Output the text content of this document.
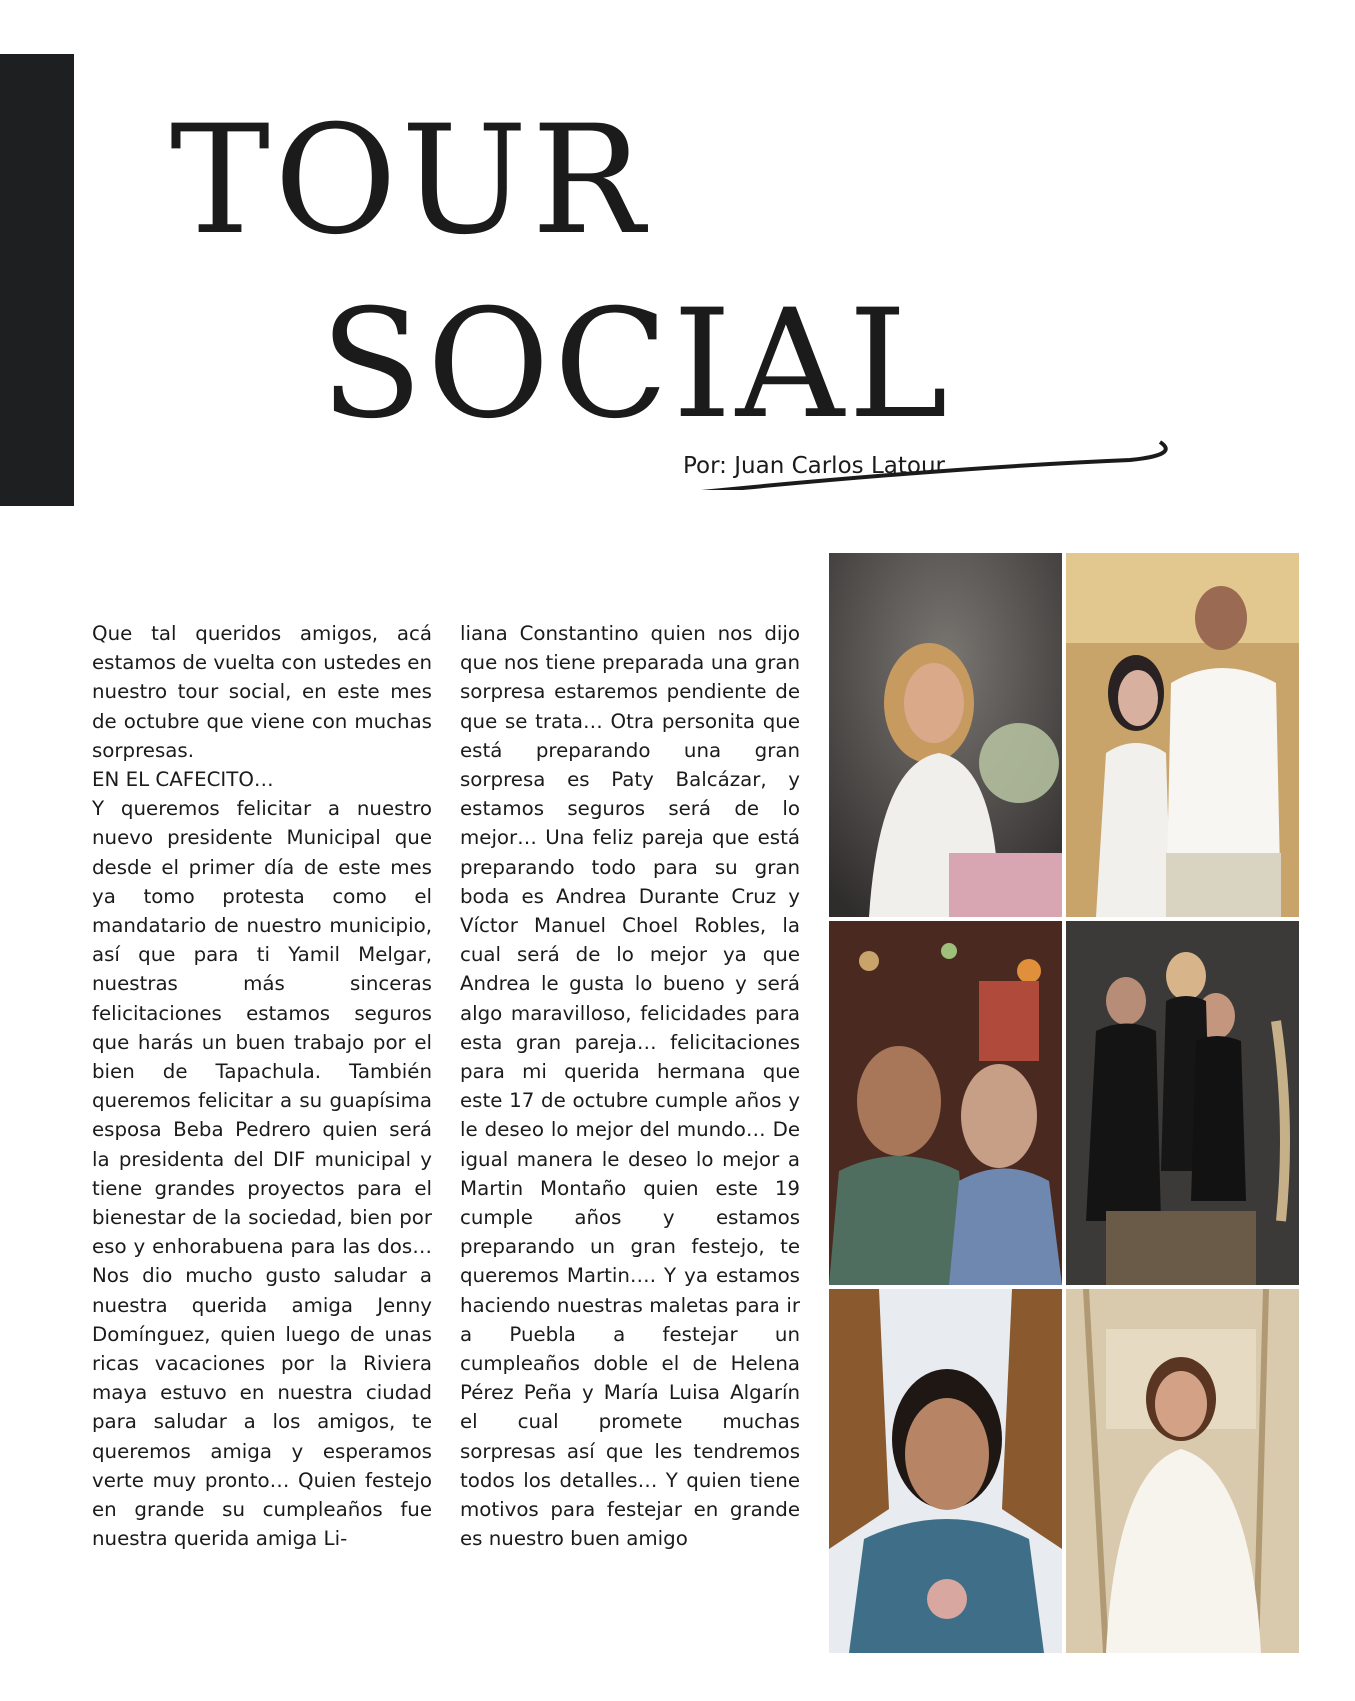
TOUR
SOCIAL
Por: Juan Carlos Latour

Que tal queridos amigos, acá estamos de vuelta con ustedes en nuestro tour social, en este mes de octubre que viene con muchas sorpresas.

EN EL CAFECITO…

Y queremos felicitar a nuestro nuevo presidente Municipal que desde el primer día de este mes ya tomo protesta como el mandatario de nuestro municipio, así que para ti Yamil Melgar, nuestras más sinceras felicitaciones estamos seguros que harás un buen trabajo por el bien de Tapachula. También queremos felicitar a su guapísima esposa Beba Pedrero quien será la presidenta del DIF municipal y tiene grandes proyectos para el bienestar de la sociedad, bien por eso y enhorabuena para las dos…Nos dio mucho gusto saludar a nuestra querida amiga Jenny Domínguez, quien luego de unas ricas vacaciones por la Riviera maya estuvo en nuestra ciudad para saludar a los amigos, te queremos amiga y esperamos verte muy pronto… Quien festejo en grande su cumpleaños fue nuestra querida amiga Li-

liana Constantino quien nos dijo que nos tiene preparada una gran sorpresa estaremos pendiente de que se trata… Otra personita que está preparando una gran sorpresa es Paty Balcázar, y estamos seguros será de lo mejor… Una feliz pareja que está preparando todo para su gran boda es Andrea Durante Cruz y Víctor Manuel Choel Robles, la cual será de lo mejor ya que Andrea le gusta lo bueno y será algo maravilloso, felicidades para esta gran pareja… felicitaciones para mi querida hermana que este 17 de octubre cumple años y le deseo lo mejor del mundo… De igual manera le deseo lo mejor a Martin Montaño quien este 19 cumple años y estamos preparando un gran festejo, te queremos Martin…. Y ya estamos haciendo nuestras maletas para ir a Puebla a festejar un cumpleaños doble el de Helena Pérez Peña y María Luisa Algarín el cual promete muchas sorpresas así que les tendremos todos los detalles… Y quien tiene motivos para festejar en grande es nuestro buen amigo
